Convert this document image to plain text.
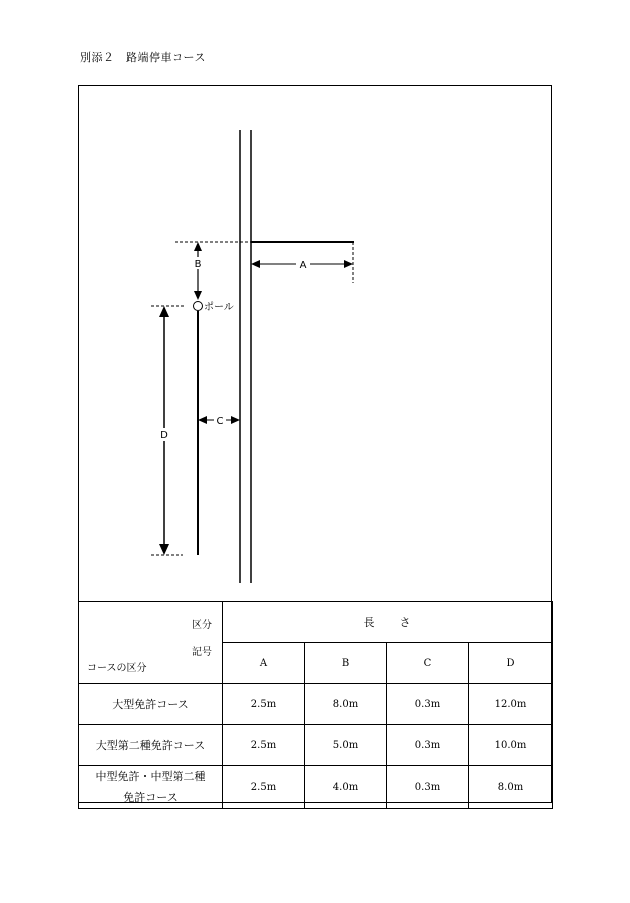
別添２　路端停車コース
A
B
ポール
C
D
区分
記号
コースの区分	長　　さ			
	A	B	C	D
大型免許コース	2.5m	8.0m	0.3m	12.0m
大型第二種免許コース	2.5m	5.0m	0.3m	10.0m
中型免許・中型第二種
免許コース	2.5m	4.0m	0.3m	8.0m
